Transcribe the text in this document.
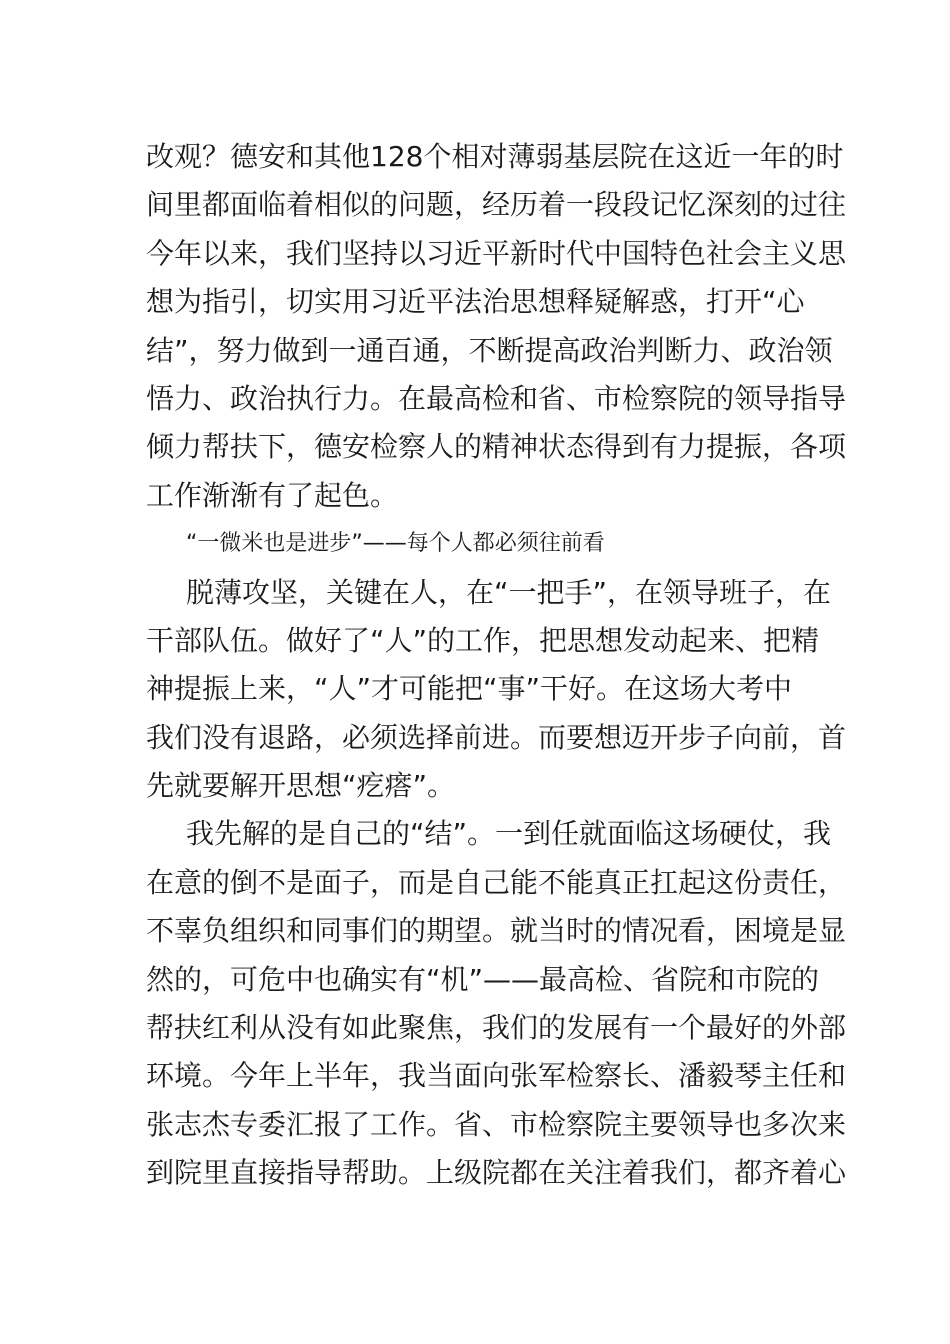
改观？德安和其他128个相对薄弱基层院在这近一年的时
间里都面临着相似的问题，经历着一段段记忆深刻的过往
今年以来，我们坚持以习近平新时代中国特色社会主义思
想为指引，切实用习近平法治思想释疑解惑，打开“心
结”，努力做到一通百通，不断提高政治判断力、政治领
悟力、政治执行力。在最高检和省、市检察院的领导指导
倾力帮扶下，德安检察人的精神状态得到有力提振，各项
工作渐渐有了起色。
“一微米也是进步”——每个人都必须往前看
脱薄攻坚，关键在人，在“一把手”，在领导班子，在
干部队伍。做好了“人”的工作，把思想发动起来、把精
神提振上来，“人”才可能把“事”干好。在这场大考中
我们没有退路，必须选择前进。而要想迈开步子向前，首
先就要解开思想“疙瘩”。
我先解的是自己的“结”。一到任就面临这场硬仗，我
在意的倒不是面子，而是自己能不能真正扛起这份责任，
不辜负组织和同事们的期望。就当时的情况看，困境是显
然的，可危中也确实有“机”——最高检、省院和市院的
帮扶红利从没有如此聚焦，我们的发展有一个最好的外部
环境。今年上半年，我当面向张军检察长、潘毅琴主任和
张志杰专委汇报了工作。省、市检察院主要领导也多次来
到院里直接指导帮助。上级院都在关注着我们，都齐着心
